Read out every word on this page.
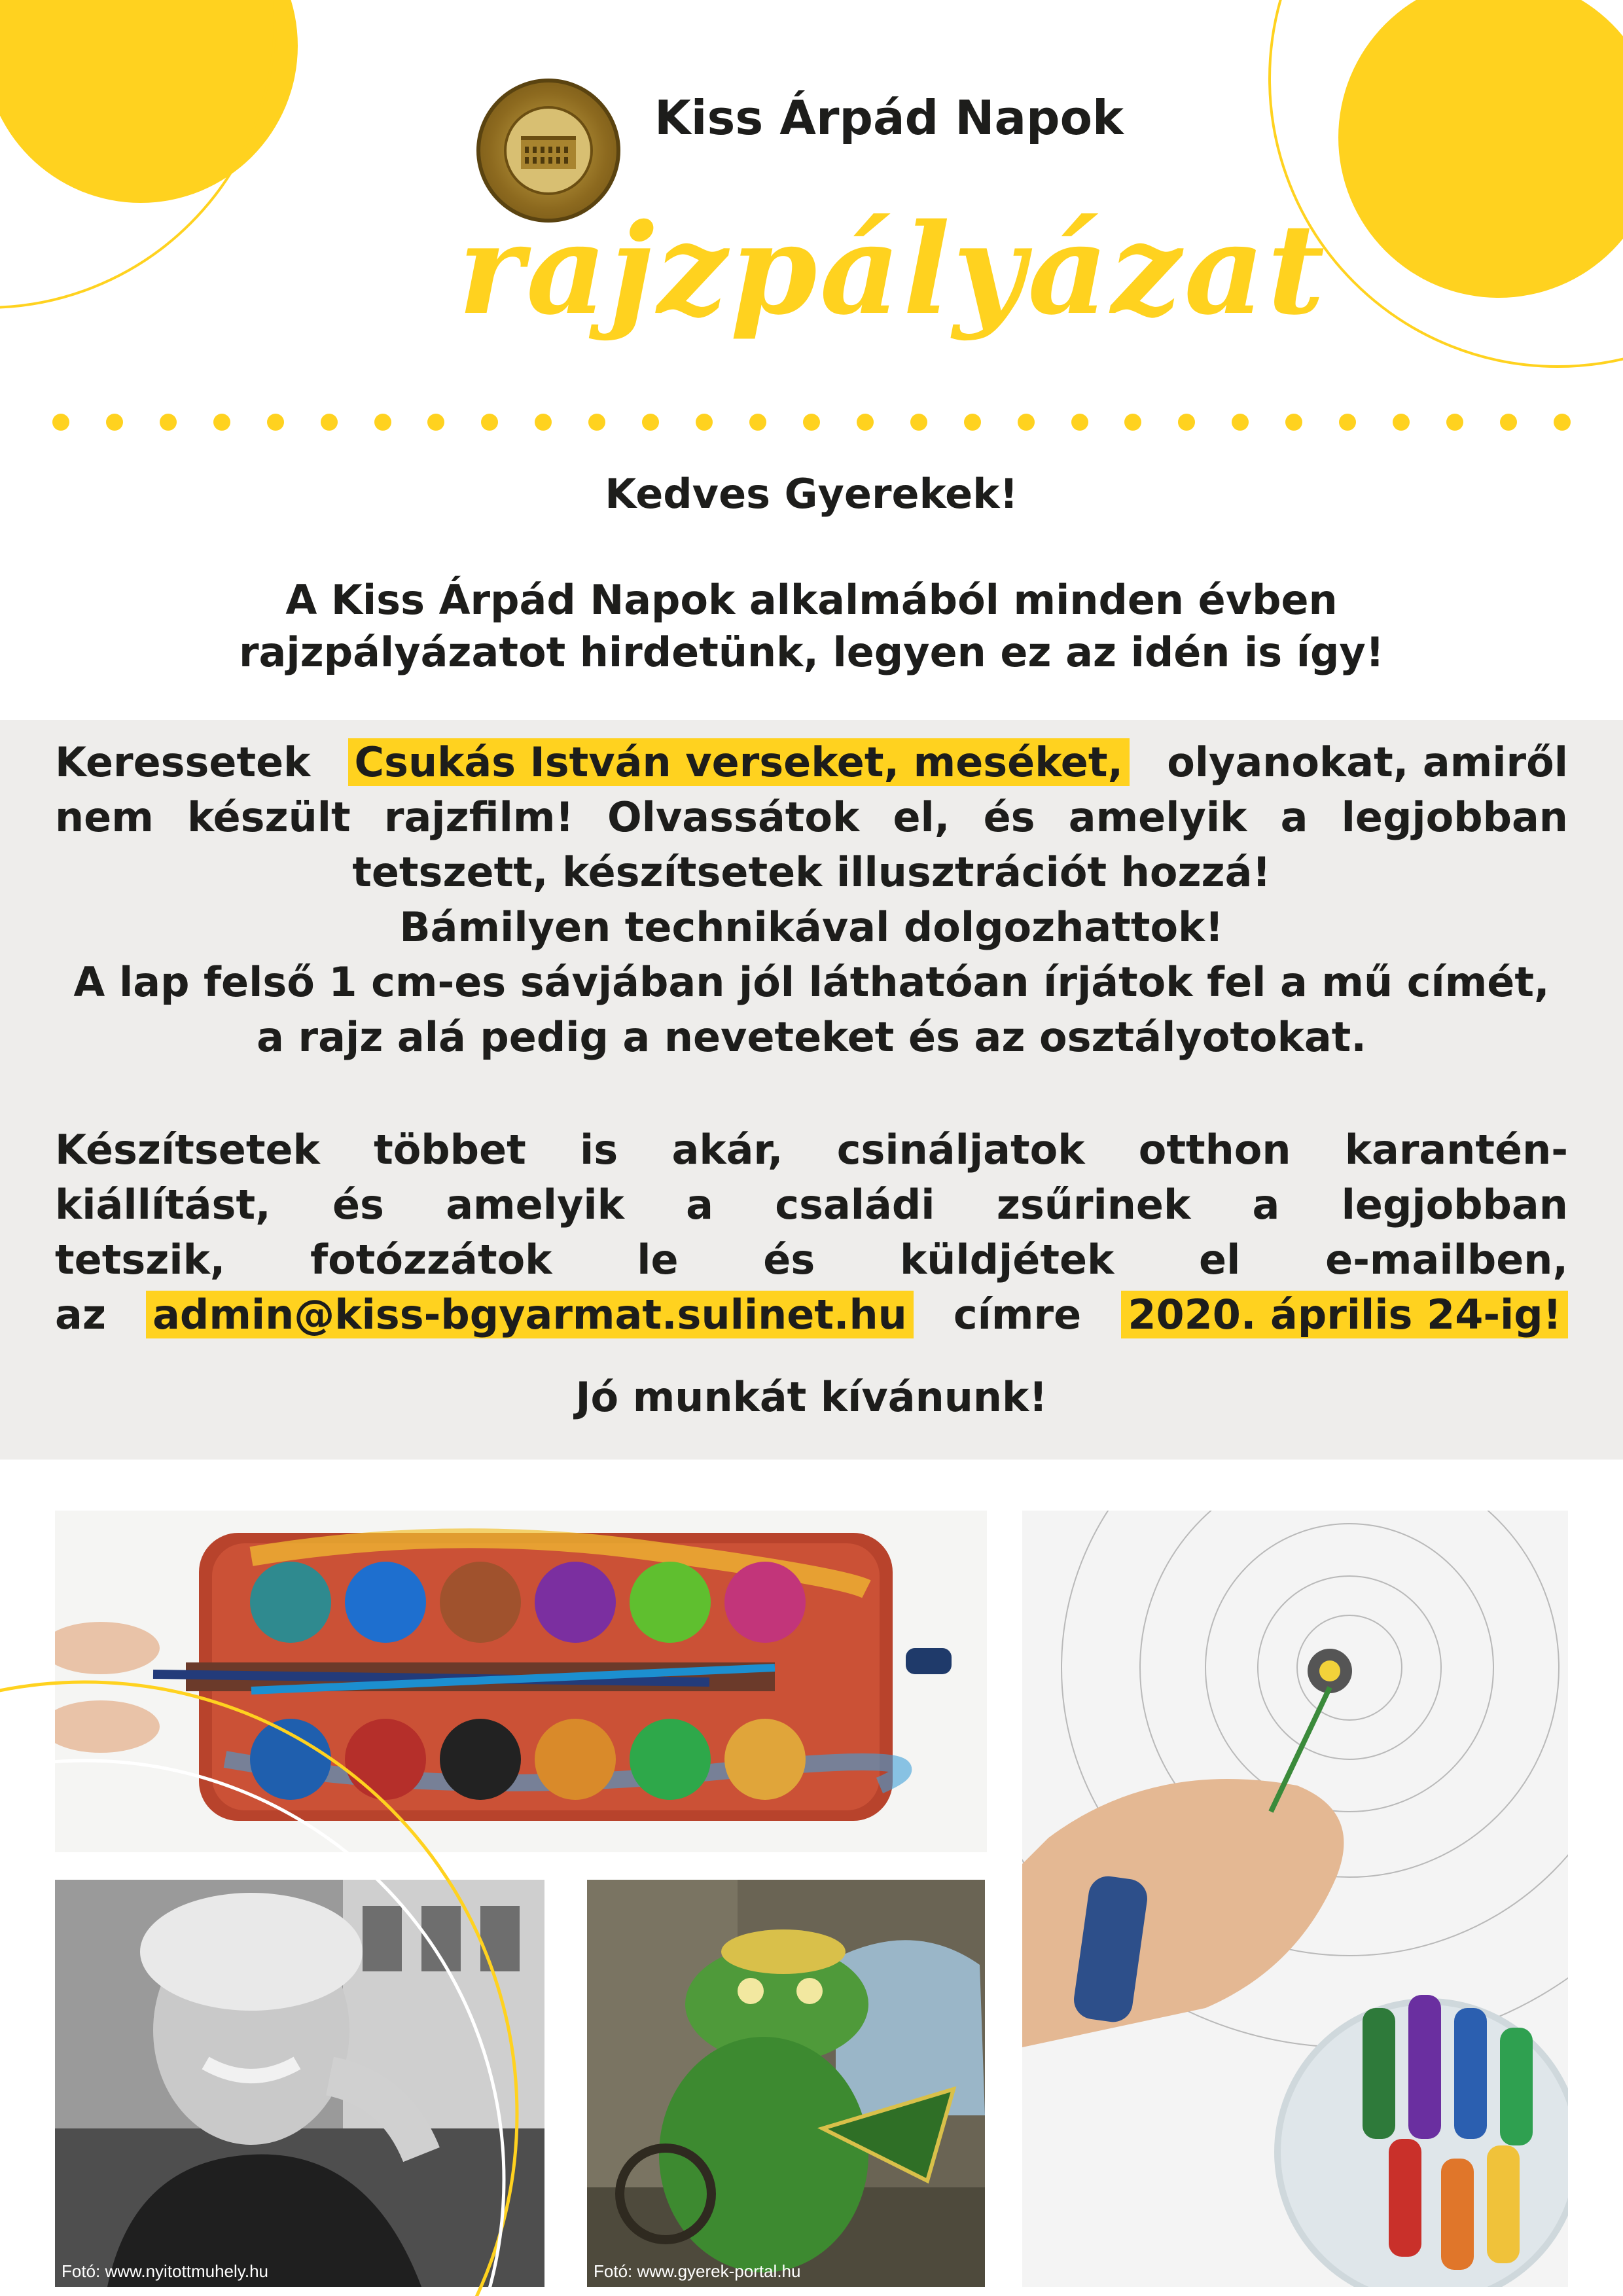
Kiss Árpád Napok
rajzpályázat
Kedves Gyerekek!
A Kiss Árpád Napok alkalmából minden évben
rajzpályázatot hirdetünk, legyen ez az idén is így!
Keressetek Csukás István verseket, meséket, olyanokat, amiről
nem készült rajzfilm! Olvassátok el, és amelyik a legjobban
tetszett, készítsetek illusztrációt hozzá!
Bámilyen technikával dolgozhattok!
A lap felső 1 cm-es sávjában jól láthatóan írjátok fel a mű címét,
a rajz alá pedig a neveteket és az osztályotokat.
Készítsetek többet is akár, csináljatok otthon karantén-
kiállítást, és amelyik a családi zsűrinek a legjobban
tetszik, fotózzátok le és küldjétek el e-mailben,
az admin@kiss-bgyarmat.sulinet.hu címre 2020. április 24-ig!
Jó munkát kívánunk!
Fotó: www.nyitottmuhely.hu	Fotó: www.gyerek-portal.hu
